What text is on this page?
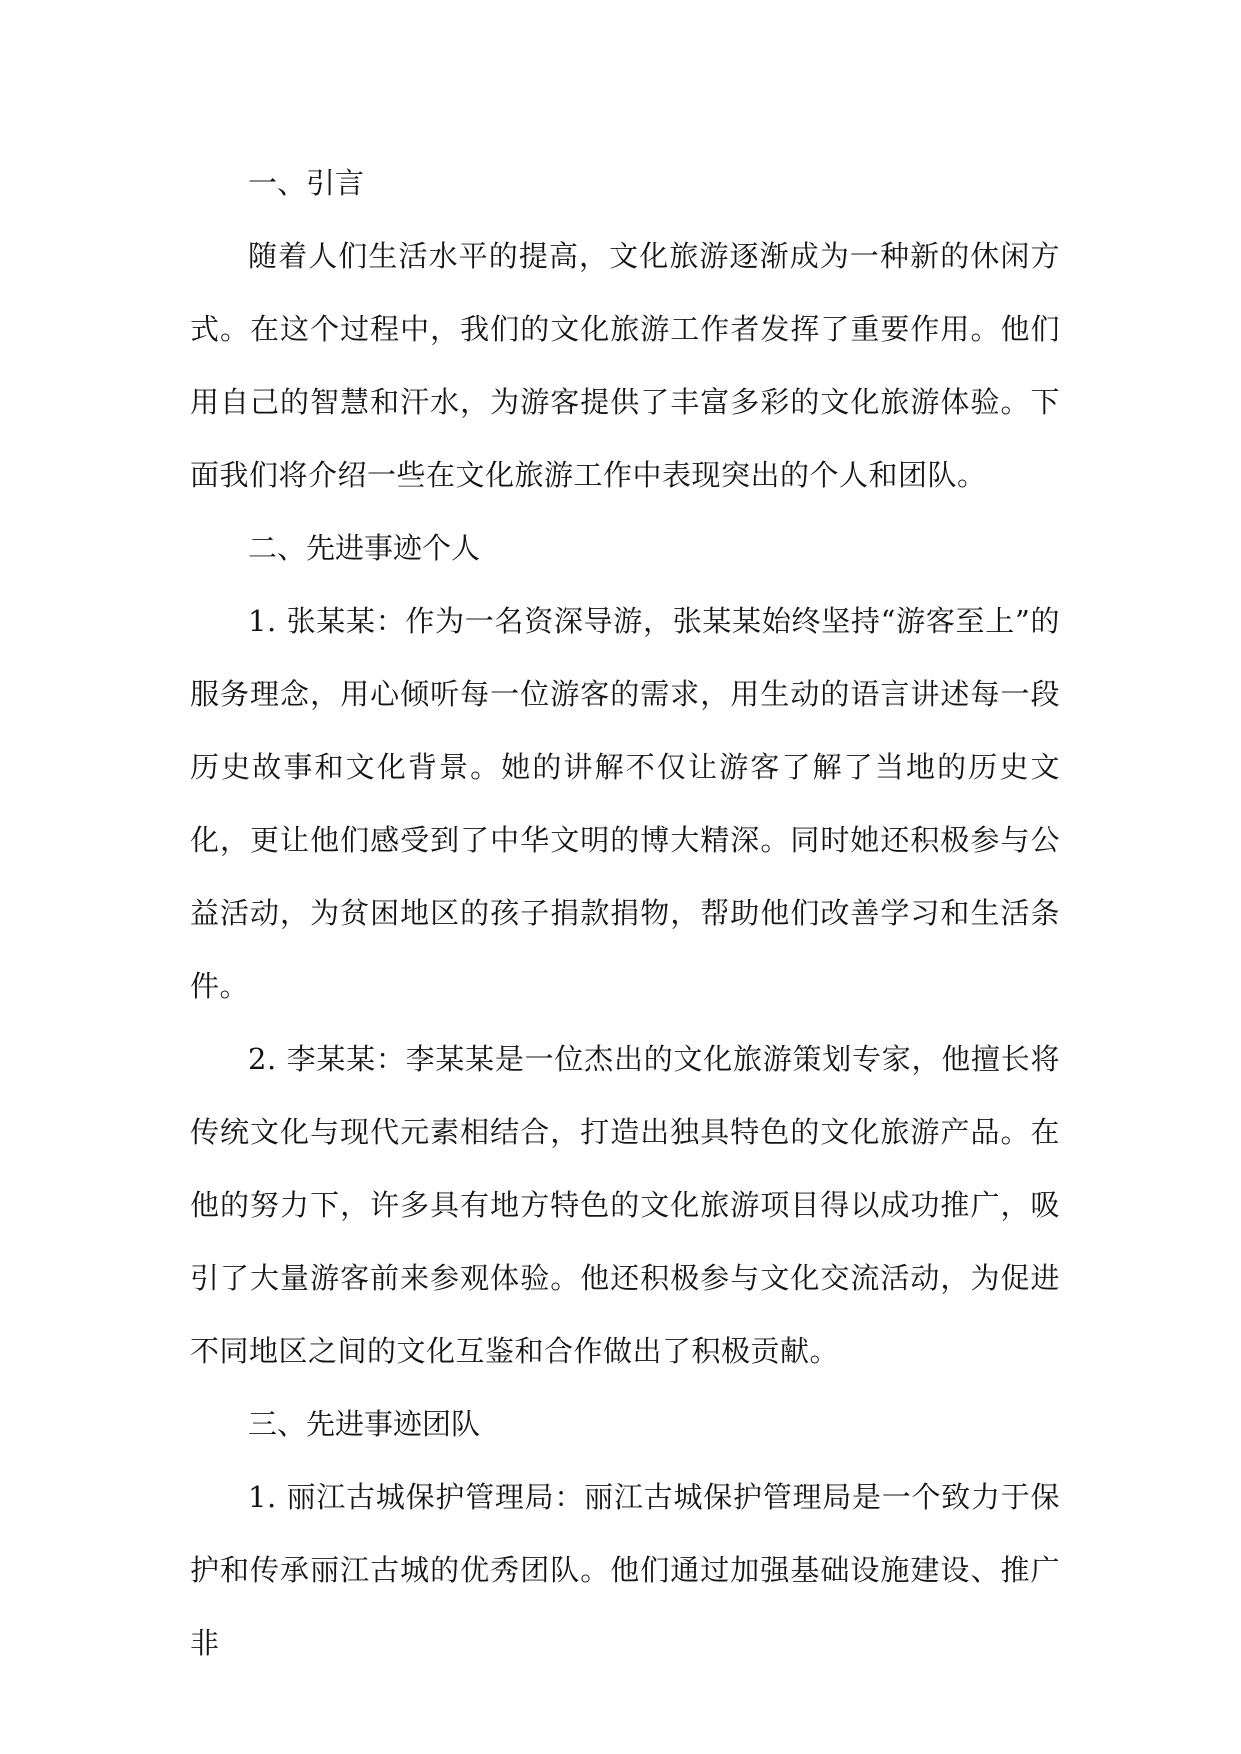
一、引言

随着人们生活水平的提高，文化旅游逐渐成为一种新的休闲方式。在这个过程中，我们的文化旅游工作者发挥了重要作用。他们用自己的智慧和汗水，为游客提供了丰富多彩的文化旅游体验。下面我们将介绍一些在文化旅游工作中表现突出的个人和团队。

二、先进事迹个人

1. 张某某：作为一名资深导游，张某某始终坚持“游客至上”的服务理念，用心倾听每一位游客的需求，用生动的语言讲述每一段历史故事和文化背景。她的讲解不仅让游客了解了当地的历史文化，更让他们感受到了中华文明的博大精深。同时她还积极参与公益活动，为贫困地区的孩子捐款捐物，帮助他们改善学习和生活条件。

2. 李某某：李某某是一位杰出的文化旅游策划专家，他擅长将传统文化与现代元素相结合，打造出独具特色的文化旅游产品。在他的努力下，许多具有地方特色的文化旅游项目得以成功推广，吸引了大量游客前来参观体验。他还积极参与文化交流活动，为促进不同地区之间的文化互鉴和合作做出了积极贡献。

三、先进事迹团队

1. 丽江古城保护管理局：丽江古城保护管理局是一个致力于保护和传承丽江古城的优秀团队。他们通过加强基础设施建设、推广非
